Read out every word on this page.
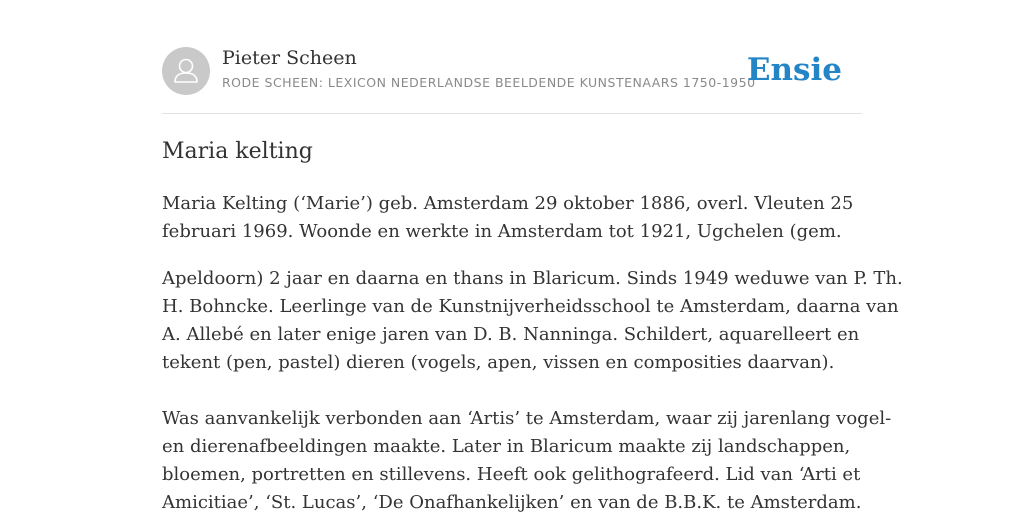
Pieter Scheen
RODE SCHEEN: LEXICON NEDERLANDSE BEELDENDE KUNSTENAARS 1750-1950
Ensie
Maria kelting

Maria Kelting (‘Marie’) geb. Amsterdam 29 oktober 1886, overl. Vleuten 25
februari 1969. Woonde en werkte in Amsterdam tot 1921, Ugchelen (gem.

Apeldoorn) 2 jaar en daarna en thans in Blaricum. Sinds 1949 weduwe van P. Th.
H. Bohncke. Leerlinge van de Kunstnijverheidsschool te Amsterdam, daarna van
A. Allebé en later enige jaren van D. B. Nanninga. Schildert, aquarelleert en
tekent (pen, pastel) dieren (vogels, apen, vissen en composities daarvan).

Was aanvankelijk verbonden aan ‘Artis’ te Amsterdam, waar zij jarenlang vogel-
en dierenafbeeldingen maakte. Later in Blaricum maakte zij landschappen,
bloemen, portretten en stillevens. Heeft ook gelithografeerd. Lid van ‘Arti et
Amicitiae’, ‘St. Lucas’, ‘De Onafhankelijken’ en van de B.B.K. te Amsterdam.
